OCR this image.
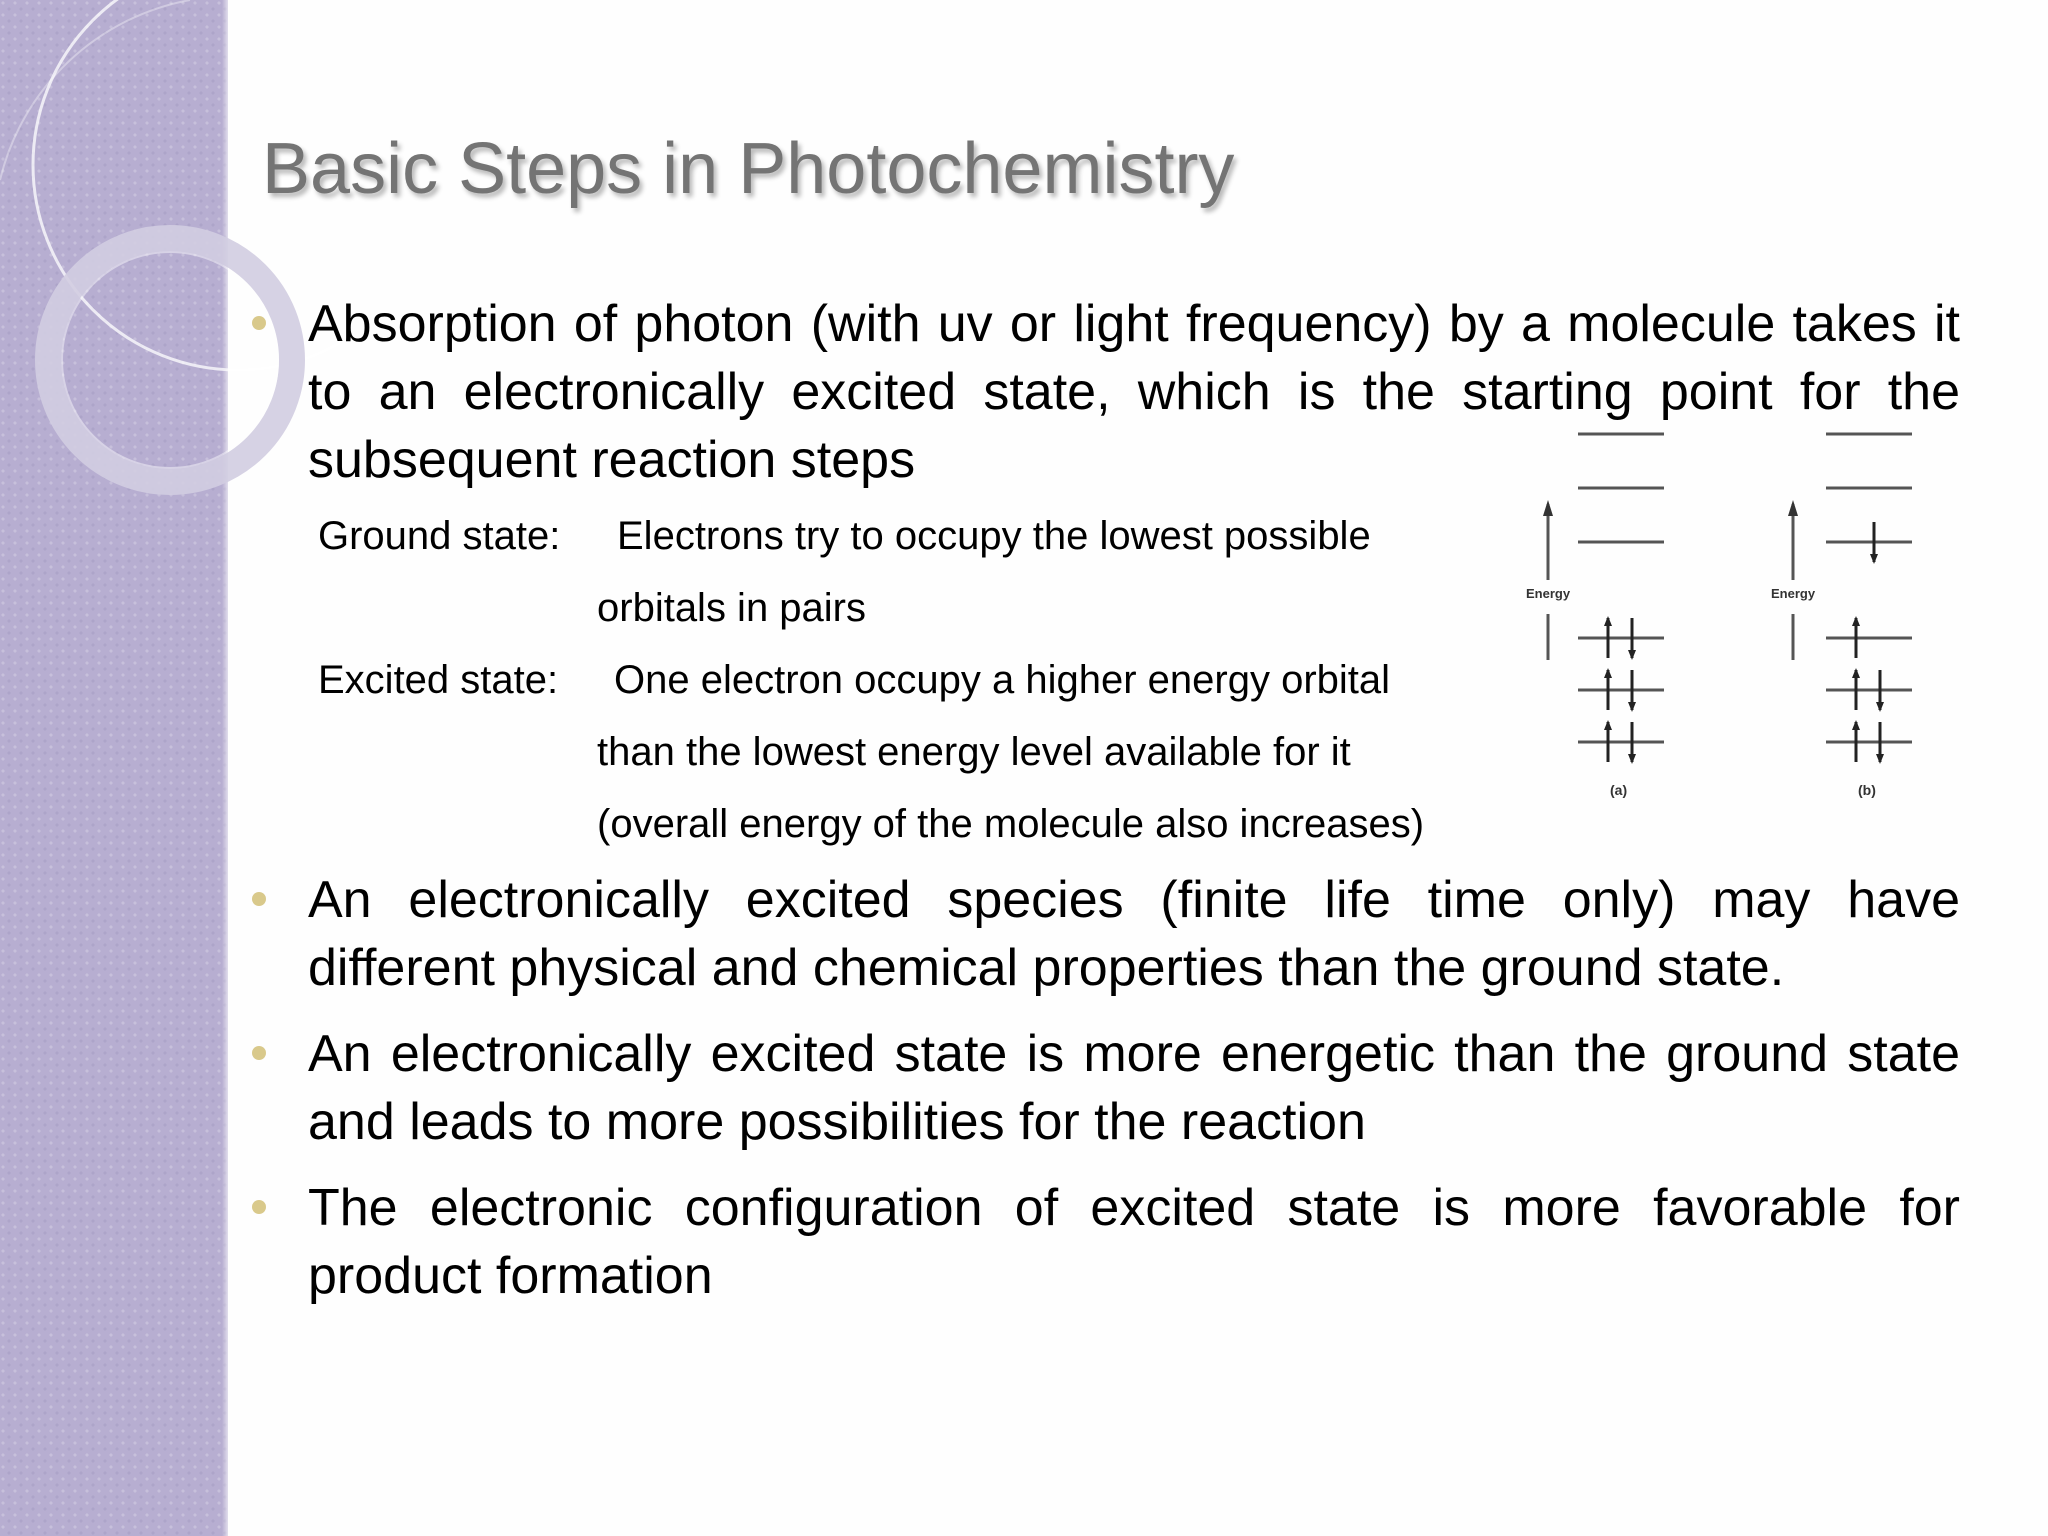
Basic Steps in Photochemistry
Absorption of photon (with uv or light frequency) by a molecule takes it to an electronically excited state, which is the starting point for the subsequent reaction steps
Ground state: Electrons try to occupy the lowest possible
orbitals in pairs
Excited state: One electron occupy a higher energy orbital
than the lowest energy level available for it
(overall energy of the molecule also increases)
Energy	Energy
(a)	(b)
An electronically excited species (finite life time only) may have different physical and chemical properties than the ground state.
An electronically excited state is more energetic than the ground state and leads to more possibilities for the reaction
The electronic configuration of excited state is more favorable for product formation
